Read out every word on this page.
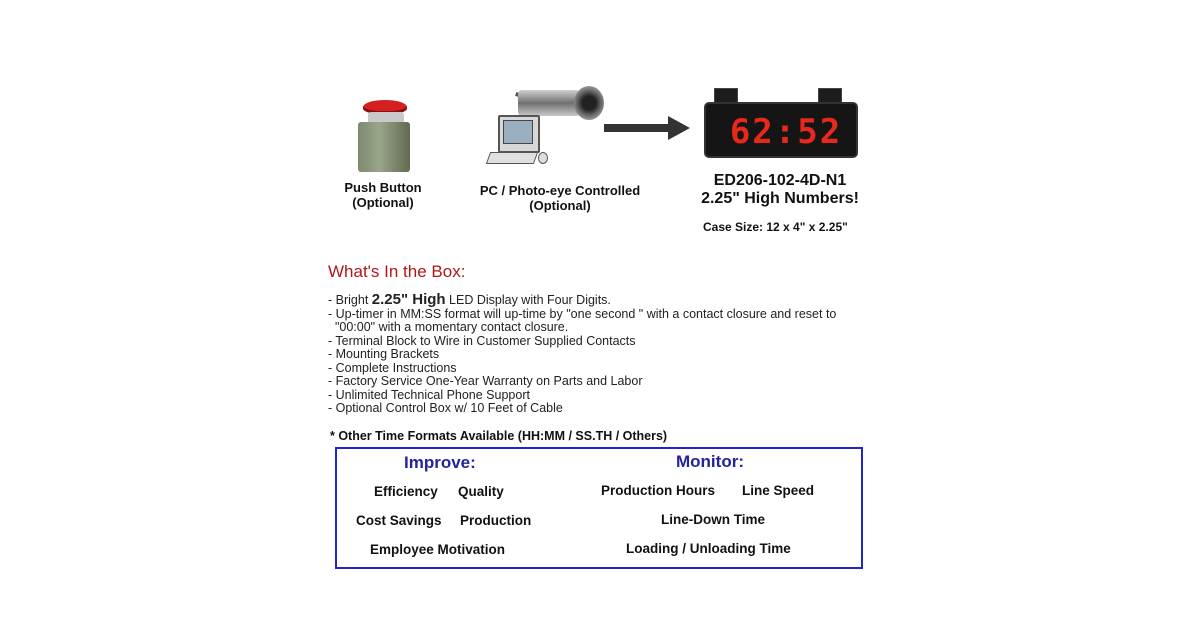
Push Button
(Optional)
PC / Photo-eye Controlled
(Optional)
62:52
ED206-102-4D-N1
2.25" High Numbers!
Case Size: 12 x 4" x 2.25"
What's In the Box:
- Bright 2.25" High LED Display with Four Digits.
- Up-timer in MM:SS format will up-time by "one second " with a contact closure and reset to
"00:00" with a momentary contact closure.
- Terminal Block to Wire in Customer Supplied Contacts
- Mounting Brackets
- Complete Instructions
- Factory Service One-Year Warranty on Parts and Labor
- Unlimited Technical Phone Support
- Optional Control Box w/ 10 Feet of Cable
* Other Time Formats Available (HH:MM / SS.TH / Others)
Improve:	Monitor:
Efficiency Quality
Cost Savings Production
Employee Motivation
Production Hours Line Speed
Line-Down Time
Loading / Unloading Time
